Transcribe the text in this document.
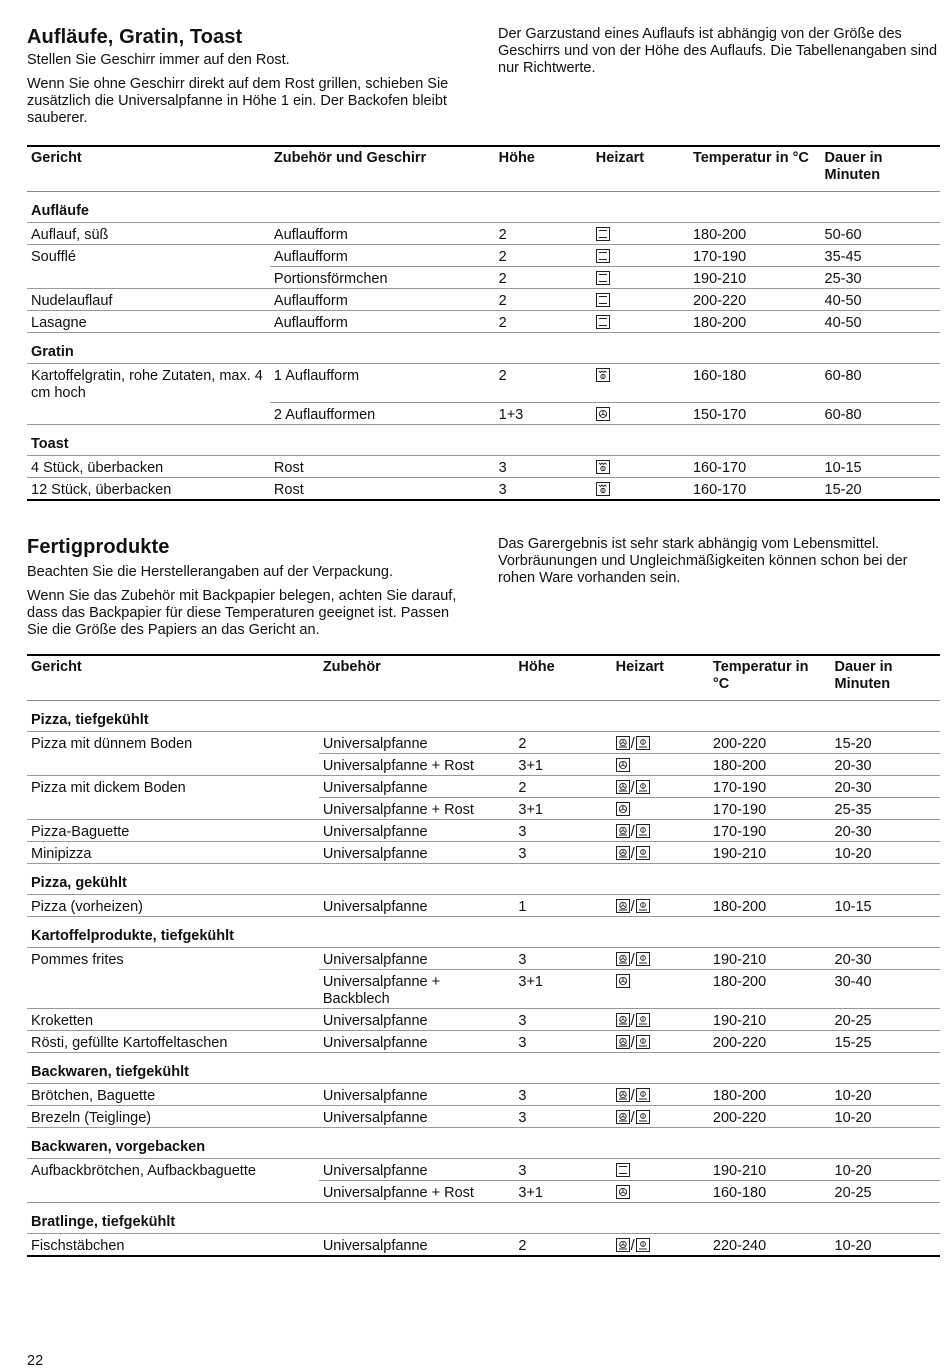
Aufläufe, Gratin, Toast

Stellen Sie Geschirr immer auf den Rost.

Wenn Sie ohne Geschirr direkt auf dem Rost grillen, schieben Sie zusätzlich die Universalpfanne in Höhe 1 ein. Der Backofen bleibt sauberer.

Der Garzustand eines Auflaufs ist abhängig von der Größe des Geschirrs und von der Höhe des Auflaufs. Die Tabellenangaben sind nur Richtwerte.

Gericht	Zubehör und Geschirr	Höhe	Heizart	Temperatur in °C	Dauer in Minuten
Aufläufe					
Auflauf, süß	Auflaufform	2		180-200	50-60
Soufflé	Auflaufform	2		170-190	35-45
	Portionsförmchen	2		190-210	25-30
Nudelauflauf	Auflaufform	2		200-220	40-50
Lasagne	Auflaufform	2		180-200	40-50
Gratin					
Kartoffelgratin, rohe Zutaten, max. 4 cm hoch	1 Auflaufform	2		160-180	60-80
	2 Auflaufformen	1+3		150-170	60-80
Toast					
4 Stück, überbacken	Rost	3		160-170	10-15
12 Stück, überbacken	Rost	3		160-170	15-20
Fertigprodukte

Beachten Sie die Herstellerangaben auf der Verpackung.

Wenn Sie das Zubehör mit Backpapier belegen, achten Sie darauf, dass das Backpapier für diese Temperaturen geeignet ist. Passen Sie die Größe des Papiers an das Gericht an.

Das Garergebnis ist sehr stark abhängig vom Lebensmittel. Vorbräunungen und Ungleichmäßigkeiten können schon bei der rohen Ware vorhanden sein.

Gericht	Zubehör	Höhe	Heizart	Temperatur in °C	Dauer in Minuten
Pizza, tiefgekühlt					
Pizza mit dünnem Boden	Universalpfanne	2	/	200-220	15-20
	Universalpfanne + Rost	3+1		180-200	20-30
Pizza mit dickem Boden	Universalpfanne	2	/	170-190	20-30
	Universalpfanne + Rost	3+1		170-190	25-35
Pizza-Baguette	Universalpfanne	3	/	170-190	20-30
Minipizza	Universalpfanne	3	/	190-210	10-20
Pizza, gekühlt					
Pizza (vorheizen)	Universalpfanne	1	/	180-200	10-15
Kartoffelprodukte, tiefgekühlt					
Pommes frites	Universalpfanne	3	/	190-210	20-30
	Universalpfanne + Backblech	3+1		180-200	30-40
Kroketten	Universalpfanne	3	/	190-210	20-25
Rösti, gefüllte Kartoffeltaschen	Universalpfanne	3	/	200-220	15-25
Backwaren, tiefgekühlt					
Brötchen, Baguette	Universalpfanne	3	/	180-200	10-20
Brezeln (Teiglinge)	Universalpfanne	3	/	200-220	10-20
Backwaren, vorgebacken					
Aufbackbrötchen, Aufbackbaguette	Universalpfanne	3		190-210	10-20
	Universalpfanne + Rost	3+1		160-180	20-25
Bratlinge, tiefgekühlt					
Fischstäbchen	Universalpfanne	2	/	220-240	10-20
22
